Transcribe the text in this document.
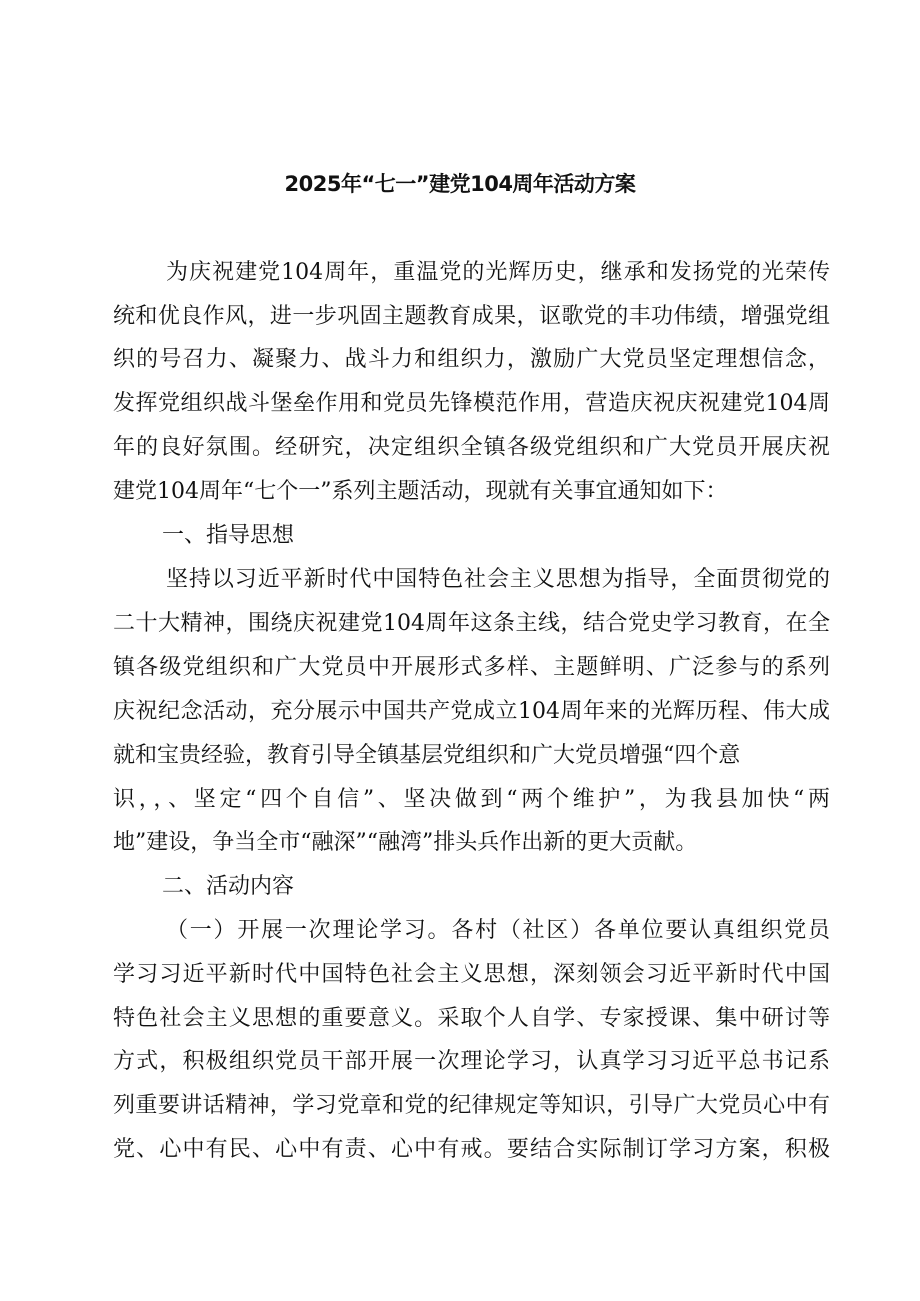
2025年“七一”建党104周年活动方案
为庆祝建党104周年，重温党的光辉历史，继承和发扬党的光荣传
统和优良作风，进一步巩固主题教育成果，讴歌党的丰功伟绩，增强党组
织的号召力、凝聚力、战斗力和组织力，激励广大党员坚定理想信念，
发挥党组织战斗堡垒作用和党员先锋模范作用，营造庆祝庆祝建党104周
年的良好氛围。经研究，决定组织全镇各级党组织和广大党员开展庆祝
建党104周年“七个一”系列主题活动，现就有关事宜通知如下：
一、指导思想
坚持以习近平新时代中国特色社会主义思想为指导，全面贯彻党的
二十大精神，围绕庆祝建党104周年这条主线，结合党史学习教育，在全
镇各级党组织和广大党员中开展形式多样、主题鲜明、广泛参与的系列
庆祝纪念活动，充分展示中国共产党成立104周年来的光辉历程、伟大成
就和宝贵经验，教育引导全镇基层党组织和广大党员增强“四个意
识，，、坚定“四个自信”、坚决做到“两个维护”，为我县加快“两
地”建设，争当全市“融深”“融湾”排头兵作出新的更大贡献。
二、活动内容
（一）开展一次理论学习。各村（社区）各单位要认真组织党员
学习习近平新时代中国特色社会主义思想，深刻领会习近平新时代中国
特色社会主义思想的重要意义。采取个人自学、专家授课、集中研讨等
方式，积极组织党员干部开展一次理论学习，认真学习习近平总书记系
列重要讲话精神，学习党章和党的纪律规定等知识，引导广大党员心中有
党、心中有民、心中有责、心中有戒。要结合实际制订学习方案，积极
